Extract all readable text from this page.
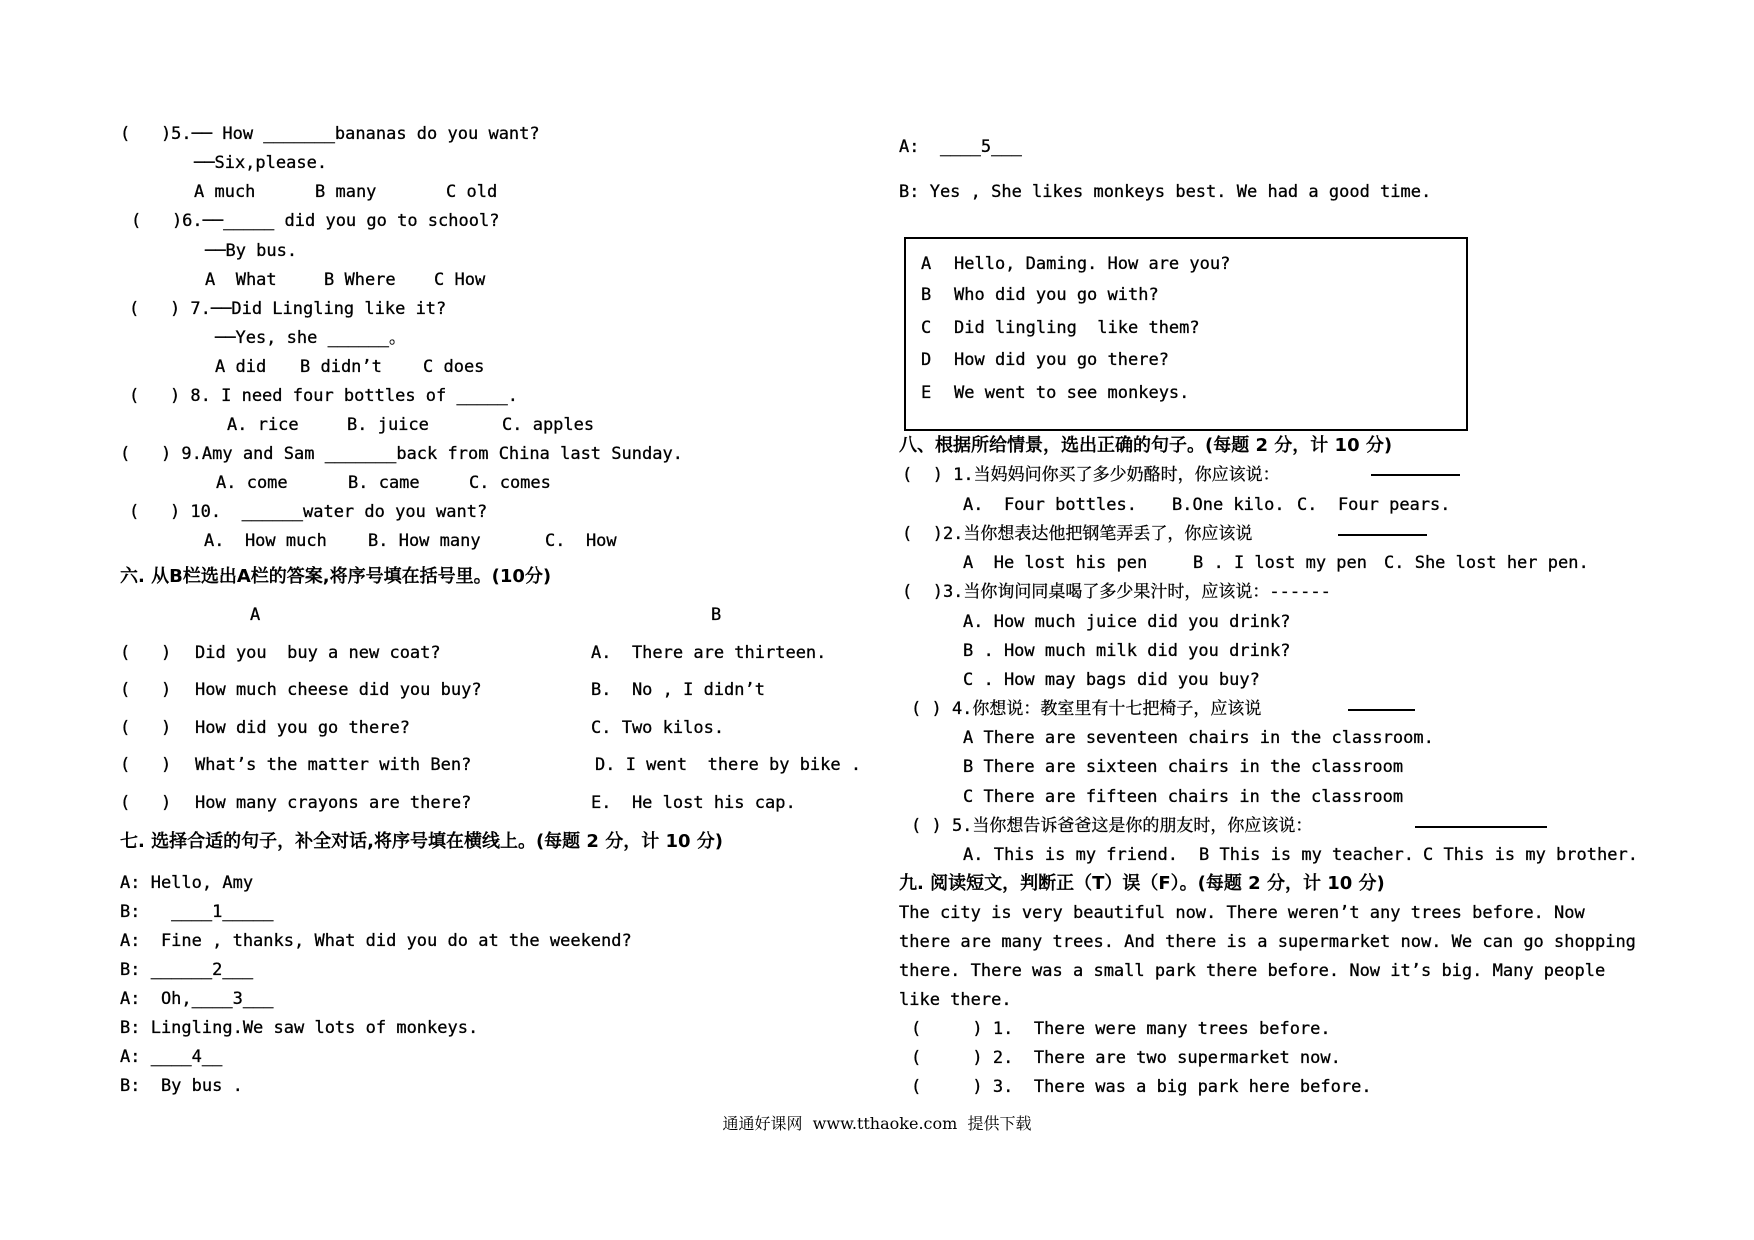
(   )5.── How _______bananas do you want?
──Six,please.
A much	B many	C old
(   )6.──_____ did you go to school?
──By bus.
A  What	B Where C How
(   ) 7.──Did Lingling like it?
──Yes, she ______。
A did B didn’t C does
(   ) 8. I need four bottles of _____.
A. rice	B. juice	C. apples
(   ) 9.Amy and Sam _______back from China last Sunday.
A. come	B. came	C. comes
(   ) 10.  ______water do you want?
A.  How much B. How many	C.  How
六. 从B栏选出A栏的答案,将序号填在括号里。(10分)
A	B
(   ) Did you  buy a new coat?	A.  There are thirteen.
(   ) How much cheese did you buy?	B.  No , I didn’t
(   ) How did you go there?	C. Two kilos.
(   ) What’s the matter with Ben?	D. I went  there by bike .
(   ) How many crayons are there?	E.  He lost his cap.
七. 选择合适的句子，补全对话,将序号填在横线上。(每题 2 分，计 10 分)
A: Hello, Amy
B:   ____1_____
A:  Fine , thanks, What did you do at the weekend?
B: ______2___
A:  Oh,____3___
B: Lingling.We saw lots of monkeys.
A: ____4__
B:  By bus .
A:  ____5___
B: Yes , She likes monkeys best. We had a good time.
A Hello, Daming. How are you?
B Who did you go with?
C Did lingling  like them?
D How did you go there?
E We went to see monkeys.
八、根据所给情景，选出正确的句子。(每题 2 分，计 10 分)
(  ) 1.当妈妈问你买了多少奶酪时，你应该说：
A.  Four bottles. B.One kilo. C.  Four pears.
(  )2.当你想表达他把钢笔弄丢了，你应该说
A  He lost his pen	B . I lost my pen C. She lost her pen.
(  )3.当你询问同桌喝了多少果汁时，应该说：------
A. How much juice did you drink?
B . How much milk did you drink?
C . How may bags did you buy?
( ) 4.你想说：教室里有十七把椅子，应该说
A There are seventeen chairs in the classroom.
B There are sixteen chairs in the classroom
C There are fifteen chairs in the classroom
( ) 5.当你想告诉爸爸这是你的朋友时，你应该说：
A. This is my friend. B This is my teacher. C This is my brother.
九. 阅读短文，判断正（T）误（F）。(每题 2 分，计 10 分)
The city is very beautiful now. There weren’t any trees before. Now
there are many trees. And there is a supermarket now. We can go shopping
there. There was a small park there before. Now it’s big. Many people
like there.
(     ) 1.  There were many trees before.
(     ) 2.  There are two supermarket now.
(     ) 3.  There was a big park here before.
通通好课网  www.tthaoke.com  提供下载
